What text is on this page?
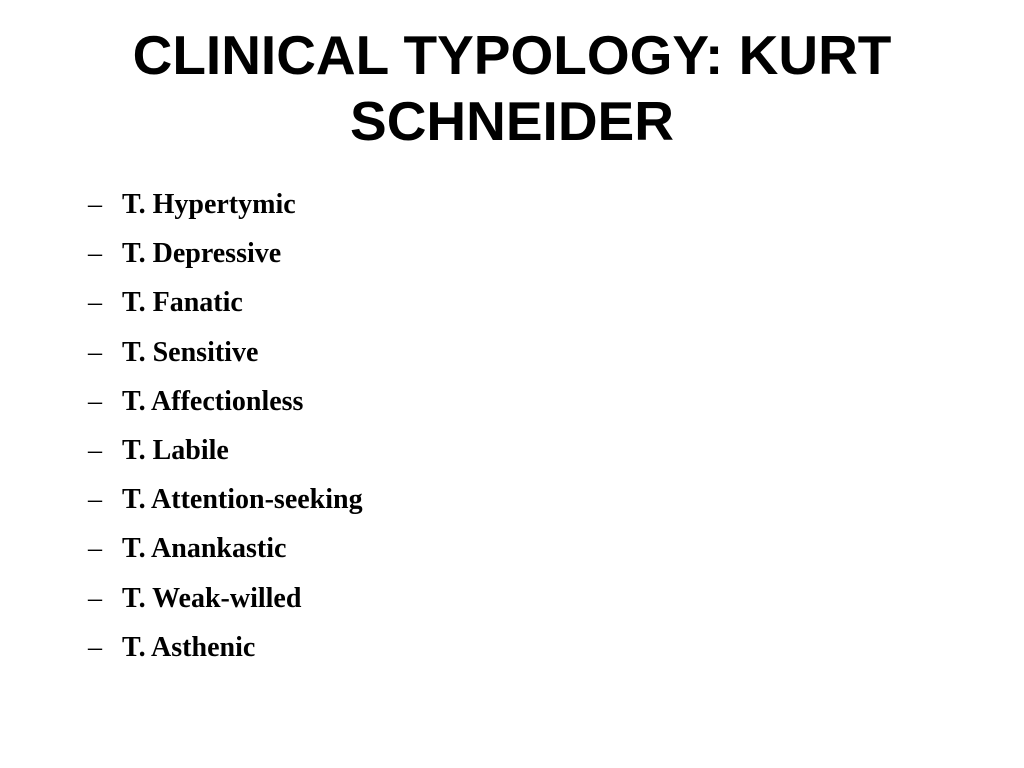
CLINICAL TYPOLOGY: KURT
SCHNEIDER
– T. Hypertymic
– T. Depressive
– T. Fanatic
– T. Sensitive
– T. Affectionless
– T. Labile
– T. Attention-seeking
– T. Anankastic
– T. Weak-willed
– T. Asthenic
